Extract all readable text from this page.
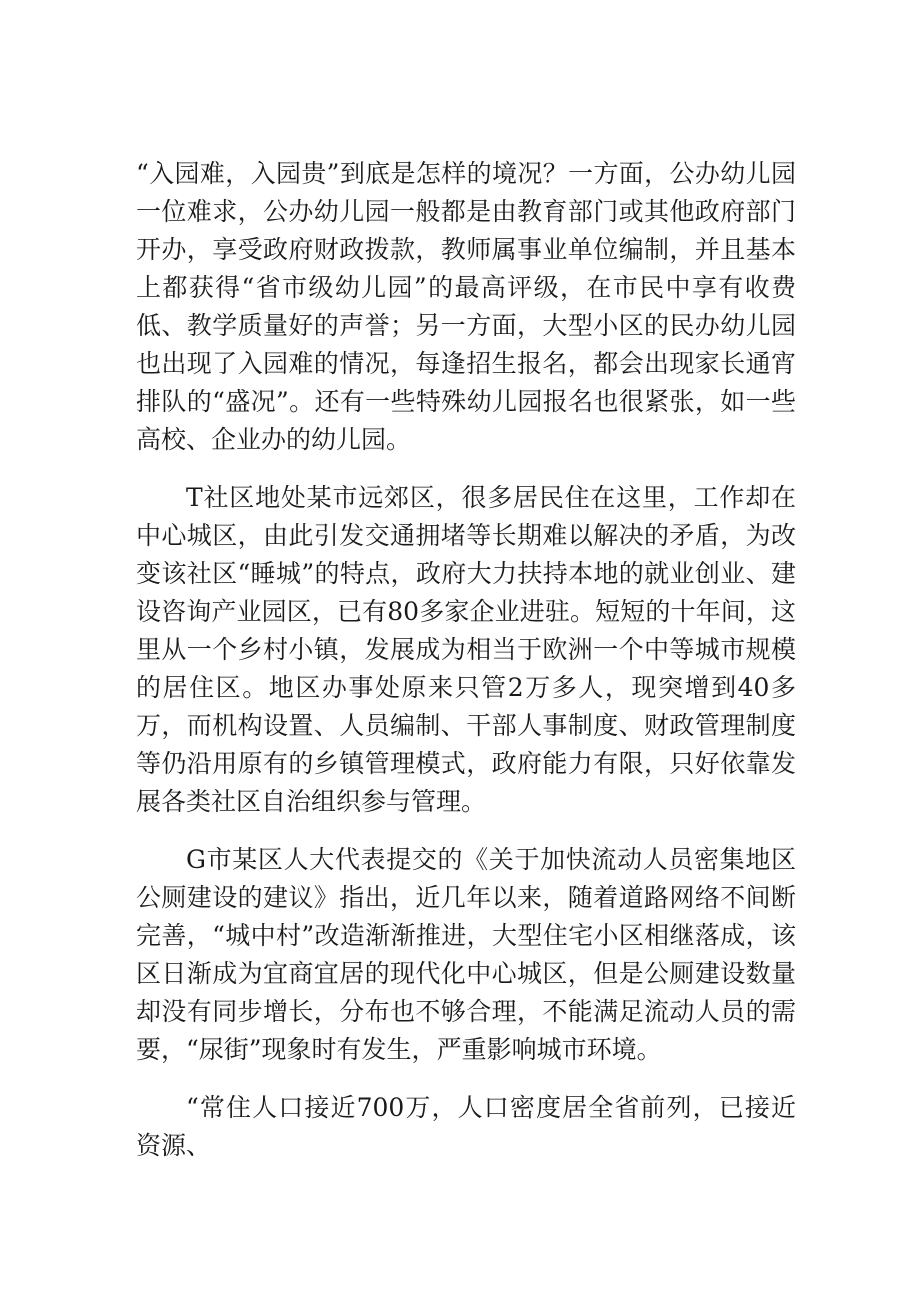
“入园难，入园贵”到底是怎样的境况？一方面，公办幼儿园一位难求，公办幼儿园一般都是由教育部门或其他政府部门开办，享受政府财政拨款，教师属事业单位编制，并且基本上都获得“省市级幼儿园”的最高评级，在市民中享有收费低、教学质量好的声誉；另一方面，大型小区的民办幼儿园也出现了入园难的情况，每逢招生报名，都会出现家长通宵排队的“盛况”。还有一些特殊幼儿园报名也很紧张，如一些高校、企业办的幼儿园。

T社区地处某市远郊区，很多居民住在这里，工作却在中心城区，由此引发交通拥堵等长期难以解决的矛盾，为改变该社区“睡城”的特点，政府大力扶持本地的就业创业、建设咨询产业园区，已有80多家企业进驻。短短的十年间，这里从一个乡村小镇，发展成为相当于欧洲一个中等城市规模的居住区。地区办事处原来只管2万多人，现突增到40多万，而机构设置、人员编制、干部人事制度、财政管理制度等仍沿用原有的乡镇管理模式，政府能力有限，只好依靠发展各类社区自治组织参与管理。

G市某区人大代表提交的《关于加快流动人员密集地区公厕建设的建议》指出，近几年以来，随着道路网络不间断完善，“城中村”改造渐渐推进，大型住宅小区相继落成，该区日渐成为宜商宜居的现代化中心城区，但是公厕建设数量却没有同步增长，分布也不够合理，不能满足流动人员的需要，“尿街”现象时有发生，严重影响城市环境。

“常住人口接近700万，人口密度居全省前列，已接近资源、
